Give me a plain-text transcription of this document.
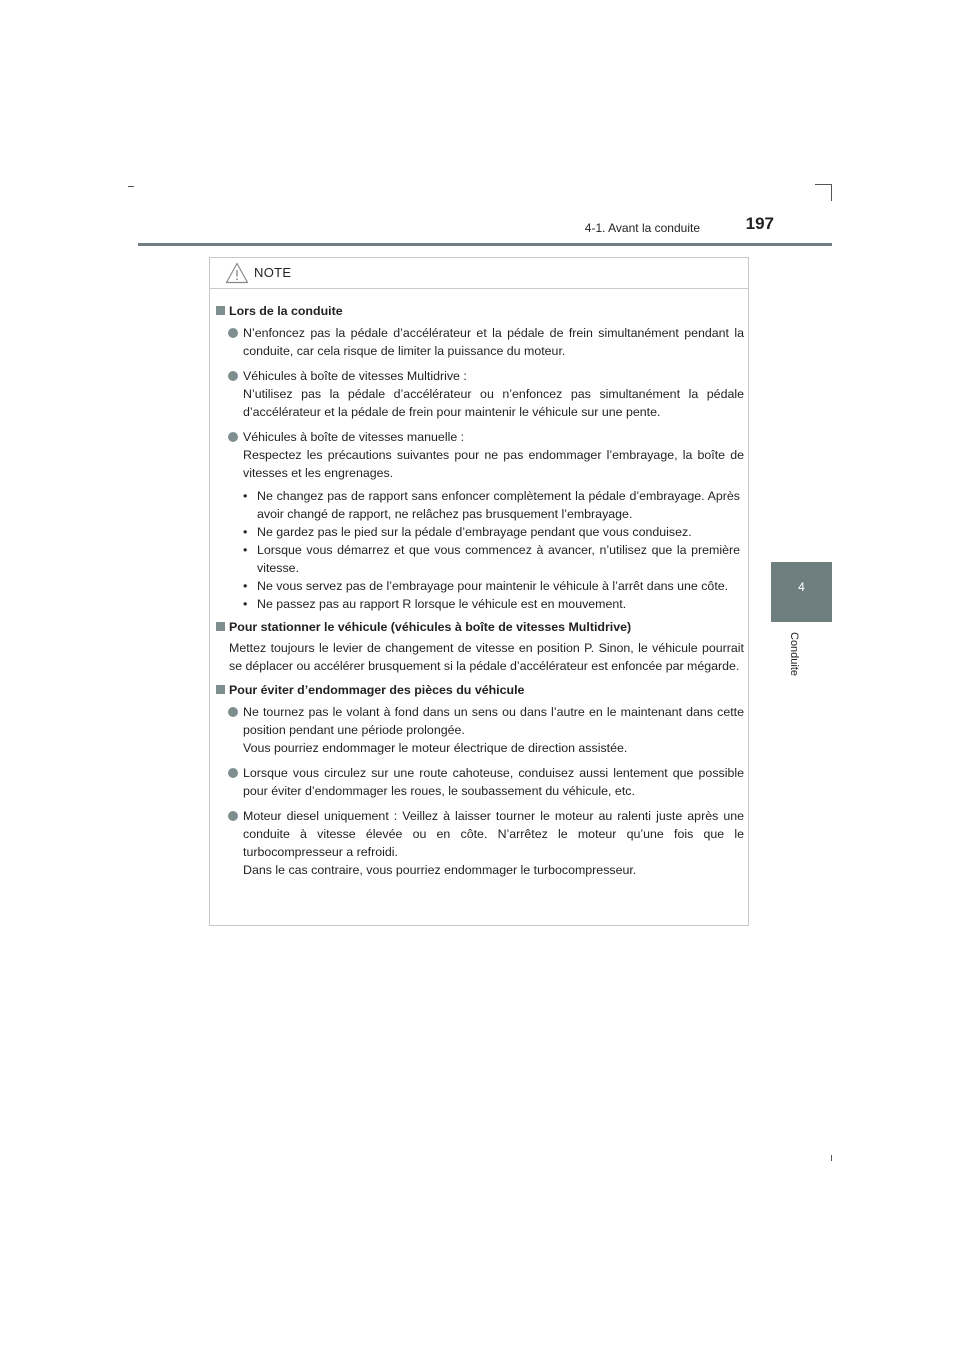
4-1. Avant la conduite	197
4
Conduite
NOTE
Lors de la conduite

N’enfoncez pas la pédale d’accélérateur et la pédale de frein simultanément pendant la conduite, car cela risque de limiter la puissance du moteur.

Véhicules à boîte de vitesses Multidrive :

N’utilisez pas la pédale d’accélérateur ou n’enfoncez pas simultanément la pédale d’accélérateur et la pédale de frein pour maintenir le véhicule sur une pente.

Véhicules à boîte de vitesses manuelle :

Respectez les précautions suivantes pour ne pas endommager l’embrayage, la boîte de vitesses et les engrenages.

• Ne changez pas de rapport sans enfoncer complètement la pédale d’embrayage. Après avoir changé de rapport, ne relâchez pas brusquement l’embrayage.

• Ne gardez pas le pied sur la pédale d’embrayage pendant que vous conduisez.

• Lorsque vous démarrez et que vous commencez à avancer, n’utilisez que la première vitesse.

• Ne vous servez pas de l’embrayage pour maintenir le véhicule à l’arrêt dans une côte.

• Ne passez pas au rapport R lorsque le véhicule est en mouvement.

Pour stationner le véhicule (véhicules à boîte de vitesses Multidrive)
Mettez toujours le levier de changement de vitesse en position P. Sinon, le véhicule pourrait se déplacer ou accélérer brusquement si la pédale d’accélérateur est enfoncée par mégarde.
Pour éviter d’endommager des pièces du véhicule

Ne tournez pas le volant à fond dans un sens ou dans l’autre en le maintenant dans cette position pendant une période prolongée.

Vous pourriez endommager le moteur électrique de direction assistée.

Lorsque vous circulez sur une route cahoteuse, conduisez aussi lentement que possible pour éviter d’endommager les roues, le soubassement du véhicule, etc.

Moteur diesel uniquement : Veillez à laisser tourner le moteur au ralenti juste après une conduite à vitesse élevée ou en côte. N’arrêtez le moteur qu’une fois que le turbocompresseur a refroidi.

Dans le cas contraire, vous pourriez endommager le turbocompresseur.
